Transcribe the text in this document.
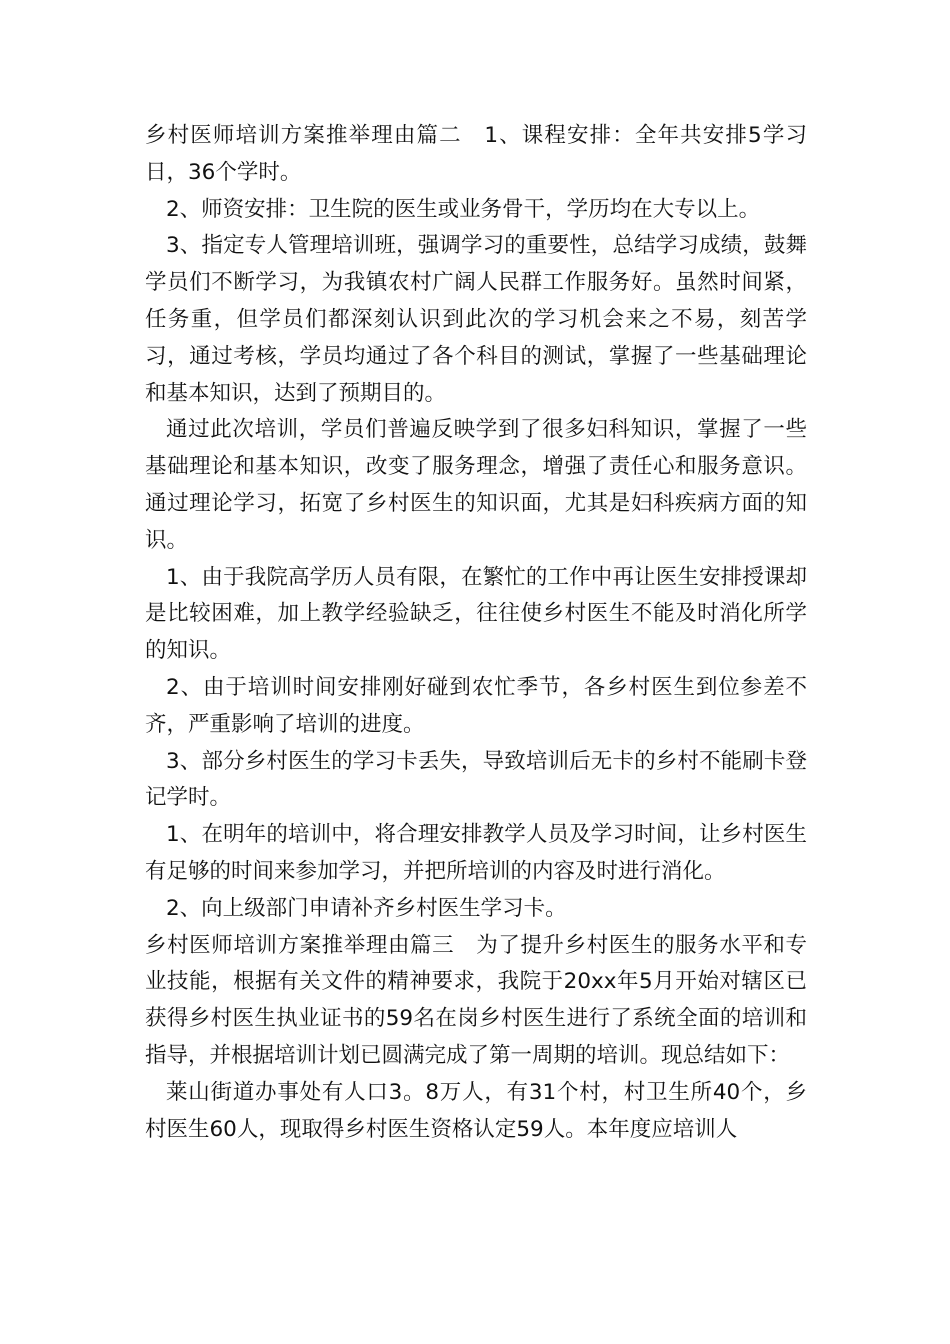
乡村医师培训方案推举理由篇二　1、课程安排：全年共安排5学习日，36个学时。

2、师资安排：卫生院的医生或业务骨干，学历均在大专以上。

3、指定专人管理培训班，强调学习的重要性，总结学习成绩，鼓舞学员们不断学习，为我镇农村广阔人民群工作服务好。虽然时间紧，任务重，但学员们都深刻认识到此次的学习机会来之不易，刻苦学习，通过考核，学员均通过了各个科目的测试，掌握了一些基础理论和基本知识，达到了预期目的。

通过此次培训，学员们普遍反映学到了很多妇科知识，掌握了一些基础理论和基本知识，改变了服务理念，增强了责任心和服务意识。通过理论学习，拓宽了乡村医生的知识面，尤其是妇科疾病方面的知识。

1、由于我院高学历人员有限，在繁忙的工作中再让医生安排授课却是比较困难，加上教学经验缺乏，往往使乡村医生不能及时消化所学的知识。

2、由于培训时间安排刚好碰到农忙季节，各乡村医生到位参差不齐，严重影响了培训的进度。

3、部分乡村医生的学习卡丢失，导致培训后无卡的乡村不能刷卡登记学时。

1、在明年的培训中，将合理安排教学人员及学习时间，让乡村医生有足够的时间来参加学习，并把所培训的内容及时进行消化。

2、向上级部门申请补齐乡村医生学习卡。

乡村医师培训方案推举理由篇三　为了提升乡村医生的服务水平和专业技能，根据有关文件的精神要求，我院于20xx年5月开始对辖区已获得乡村医生执业证书的59名在岗乡村医生进行了系统全面的培训和指导，并根据培训计划已圆满完成了第一周期的培训。现总结如下：

莱山街道办事处有人口3。8万人，有31个村，村卫生所40个，乡村医生60人，现取得乡村医生资格认定59人。本年度应培训人
